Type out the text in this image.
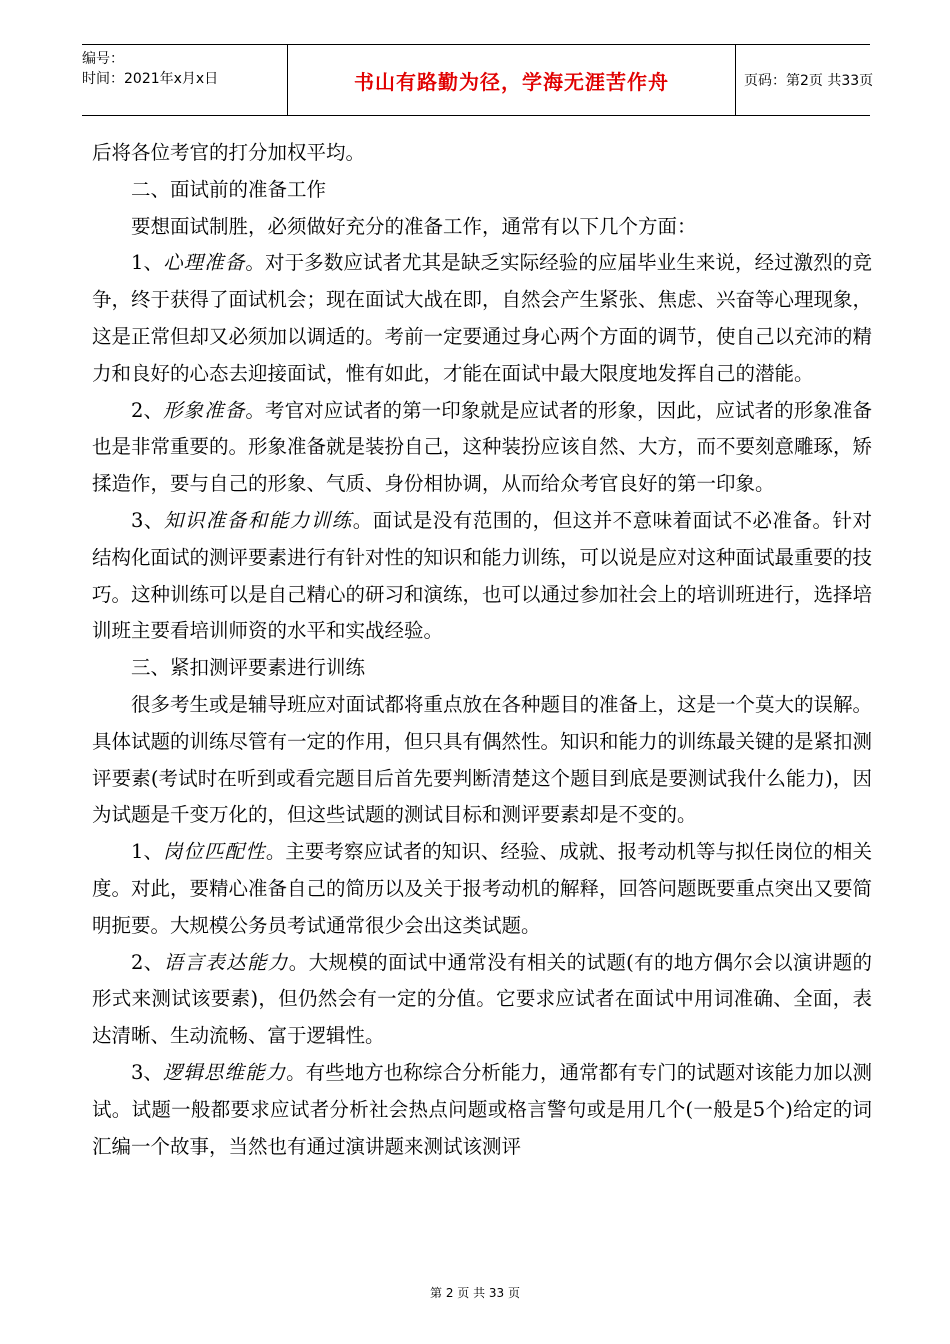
编号：
时间：2021年x月x日	书山有路勤为径，学海无涯苦作舟	页码：第2页 共33页

后将各位考官的打分加权平均。

二、面试前的准备工作

要想面试制胜，必须做好充分的准备工作，通常有以下几个方面：

1、心理准备。对于多数应试者尤其是缺乏实际经验的应届毕业生来说，经过激烈的竞争，终于获得了面试机会；现在面试大战在即，自然会产生紧张、焦虑、兴奋等心理现象，这是正常但却又必须加以调适的。考前一定要通过身心两个方面的调节，使自己以充沛的精力和良好的心态去迎接面试，惟有如此，才能在面试中最大限度地发挥自己的潜能。

2、形象准备。考官对应试者的第一印象就是应试者的形象，因此，应试者的形象准备也是非常重要的。形象准备就是装扮自己，这种装扮应该自然、大方，而不要刻意雕琢，矫揉造作，要与自己的形象、气质、身份相协调，从而给众考官良好的第一印象。

3、知识准备和能力训练。面试是没有范围的，但这并不意味着面试不必准备。针对结构化面试的测评要素进行有针对性的知识和能力训练，可以说是应对这种面试最重要的技巧。这种训练可以是自己精心的研习和演练，也可以通过参加社会上的培训班进行，选择培训班主要看培训师资的水平和实战经验。

三、紧扣测评要素进行训练

很多考生或是辅导班应对面试都将重点放在各种题目的准备上，这是一个莫大的误解。具体试题的训练尽管有一定的作用，但只具有偶然性。知识和能力的训练最关键的是紧扣测评要素(考试时在听到或看完题目后首先要判断清楚这个题目到底是要测试我什么能力)，因为试题是千变万化的，但这些试题的测试目标和测评要素却是不变的。

1、岗位匹配性。主要考察应试者的知识、经验、成就、报考动机等与拟任岗位的相关度。对此，要精心准备自己的简历以及关于报考动机的解释，回答问题既要重点突出又要简明扼要。大规模公务员考试通常很少会出这类试题。

2、语言表达能力。大规模的面试中通常没有相关的试题(有的地方偶尔会以演讲题的形式来测试该要素)，但仍然会有一定的分值。它要求应试者在面试中用词准确、全面，表达清晰、生动流畅、富于逻辑性。

3、逻辑思维能力。有些地方也称综合分析能力，通常都有专门的试题对该能力加以测试。试题一般都要求应试者分析社会热点问题或格言警句或是用几个(一般是5个)给定的词汇编一个故事，当然也有通过演讲题来测试该测评

第 2 页 共 33 页
